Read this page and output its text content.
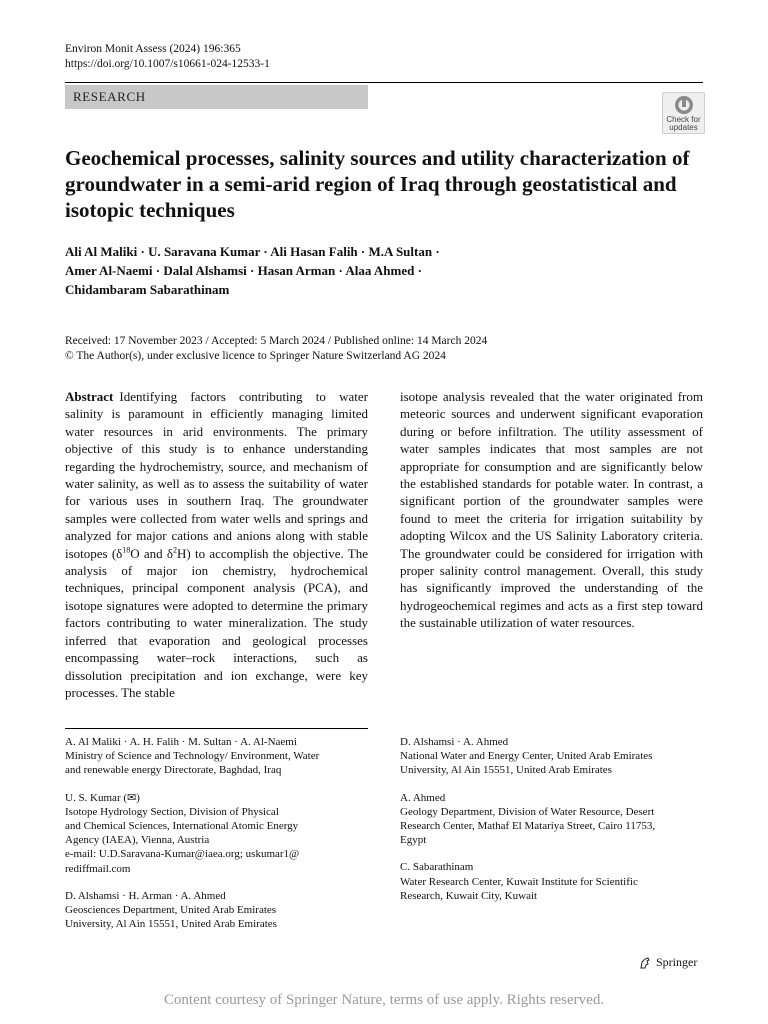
Environ Monit Assess (2024) 196:365
https://doi.org/10.1007/s10661-024-12533-1
RESEARCH
Check for
updates
Geochemical processes, salinity sources and utility characterization of groundwater in a semi-arid region of Iraq through geostatistical and isotopic techniques
Ali Al Maliki · U. Saravana Kumar · Ali Hasan Falih · M.A Sultan ·
Amer Al-Naemi · Dalal Alshamsi · Hasan Arman · Alaa Ahmed ·
Chidambaram Sabarathinam
Received: 17 November 2023 / Accepted: 5 March 2024 / Published online: 14 March 2024
© The Author(s), under exclusive licence to Springer Nature Switzerland AG 2024
Abstract Identifying factors contributing to water salinity is paramount in efficiently managing limited water resources in arid environments. The primary objective of this study is to enhance understanding regarding the hydrochemistry, source, and mechanism of water salinity, as well as to assess the suitability of water for various uses in southern Iraq. The groundwater samples were collected from water wells and springs and analyzed for major cations and anions along with stable isotopes ($\delta^{18}O$ and $\delta^2H$) to accomplish the objective. The analysis of major ion chemistry, hydrochemical techniques, principal component analysis (PCA), and isotope signatures were adopted to determine the primary factors contributing to water mineralization. The study inferred that evaporation and geological processes encompassing water–rock interactions, such as dissolution precipitation and ion exchange, were key processes. The stable
isotope analysis revealed that the water originated from meteoric sources and underwent significant evaporation during or before infiltration. The utility assessment of water samples indicates that most samples are not appropriate for consumption and are significantly below the established standards for potable water. In contrast, a significant portion of the groundwater samples were found to meet the criteria for irrigation suitability by adopting Wilcox and the US Salinity Laboratory criteria. The groundwater could be considered for irrigation with proper salinity control management. Overall, this study has significantly improved the understanding of the hydrogeochemical regimes and acts as a first step toward the sustainable utilization of water resources.
A. Al Maliki · A. H. Falih · M. Sultan · A. Al-Naemi
Ministry of Science and Technology/ Environment, Water
and renewable energy Directorate, Baghdad, Iraq
U. S. Kumar (✉)
Isotope Hydrology Section, Division of Physical
and Chemical Sciences, International Atomic Energy
Agency (IAEA), Vienna, Austria
e-mail: U.D.Saravana-Kumar@iaea.org; uskumar1@
rediffmail.com
D. Alshamsi · H. Arman · A. Ahmed
Geosciences Department, United Arab Emirates
University, Al Ain 15551, United Arab Emirates
D. Alshamsi · A. Ahmed
National Water and Energy Center, United Arab Emirates
University, Al Ain 15551, United Arab Emirates
A. Ahmed
Geology Department, Division of Water Resource, Desert
Research Center, Mathaf El Matariya Street, Cairo 11753,
Egypt
C. Sabarathinam
Water Research Center, Kuwait Institute for Scientific
Research, Kuwait City, Kuwait
Springer
Content courtesy of Springer Nature, terms of use apply. Rights reserved.
